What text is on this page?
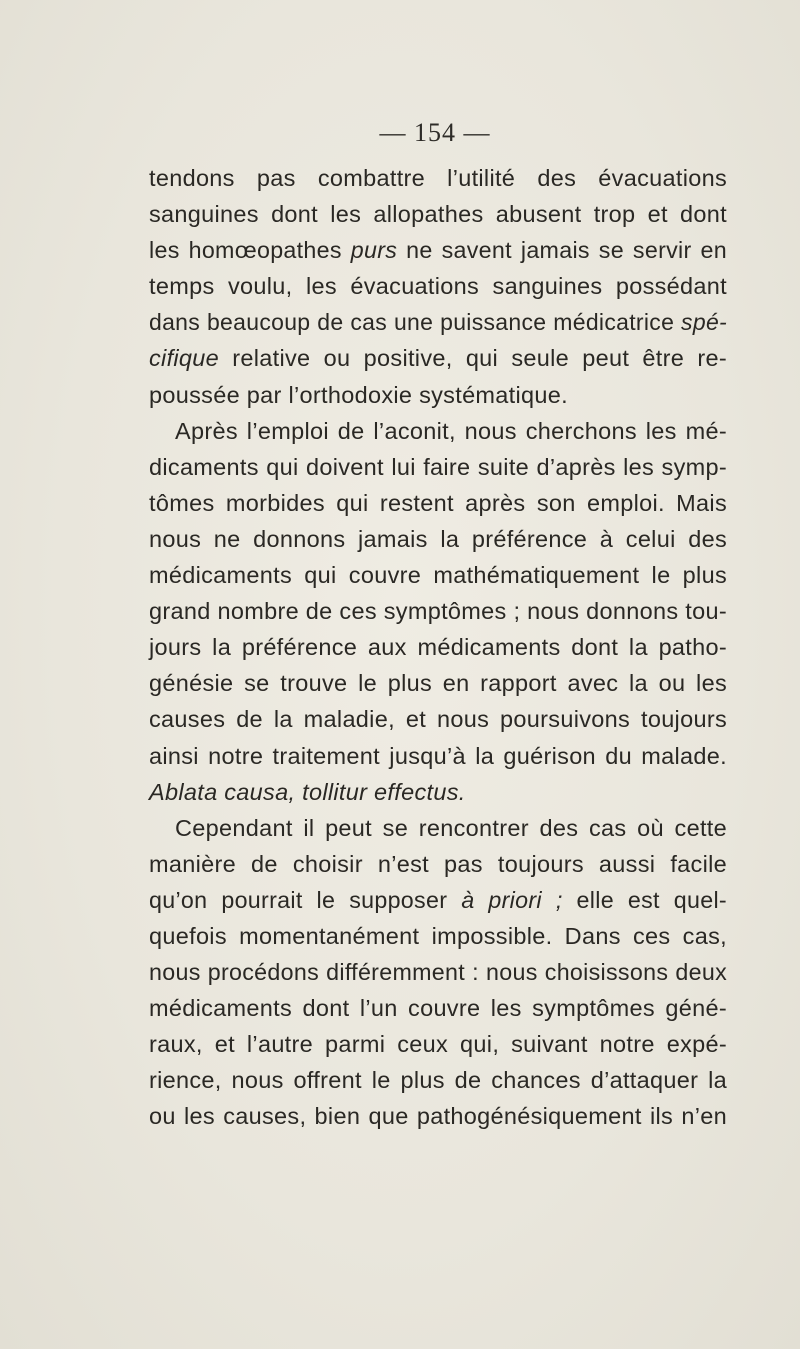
— 154 —
tendons pas combattre l’utilité des évacuations
sanguines dont les allopathes abusent trop et dont
les homœopathes purs ne savent jamais se servir en
temps voulu, les évacuations sanguines possédant
dans beaucoup de cas une puissance médicatrice spé-
cifique relative ou positive, qui seule peut être re-
poussée par l’orthodoxie systématique.
Après l’emploi de l’aconit, nous cherchons les mé-
dicaments qui doivent lui faire suite d’après les symp-
tômes morbides qui restent après son emploi. Mais
nous ne donnons jamais la préférence à celui des
médicaments qui couvre mathématiquement le plus
grand nombre de ces symptômes ; nous donnons tou-
jours la préférence aux médicaments dont la patho-
génésie se trouve le plus en rapport avec la ou les
causes de la maladie, et nous poursuivons toujours
ainsi notre traitement jusqu’à la guérison du malade.
Ablata causa, tollitur effectus.
Cependant il peut se rencontrer des cas où cette
manière de choisir n’est pas toujours aussi facile
qu’on pourrait le supposer à priori ; elle est quel-
quefois momentanément impossible. Dans ces cas,
nous procédons différemment : nous choisissons deux
médicaments dont l’un couvre les symptômes géné-
raux, et l’autre parmi ceux qui, suivant notre expé-
rience, nous offrent le plus de chances d’attaquer la
ou les causes, bien que pathogénésiquement ils n’en
